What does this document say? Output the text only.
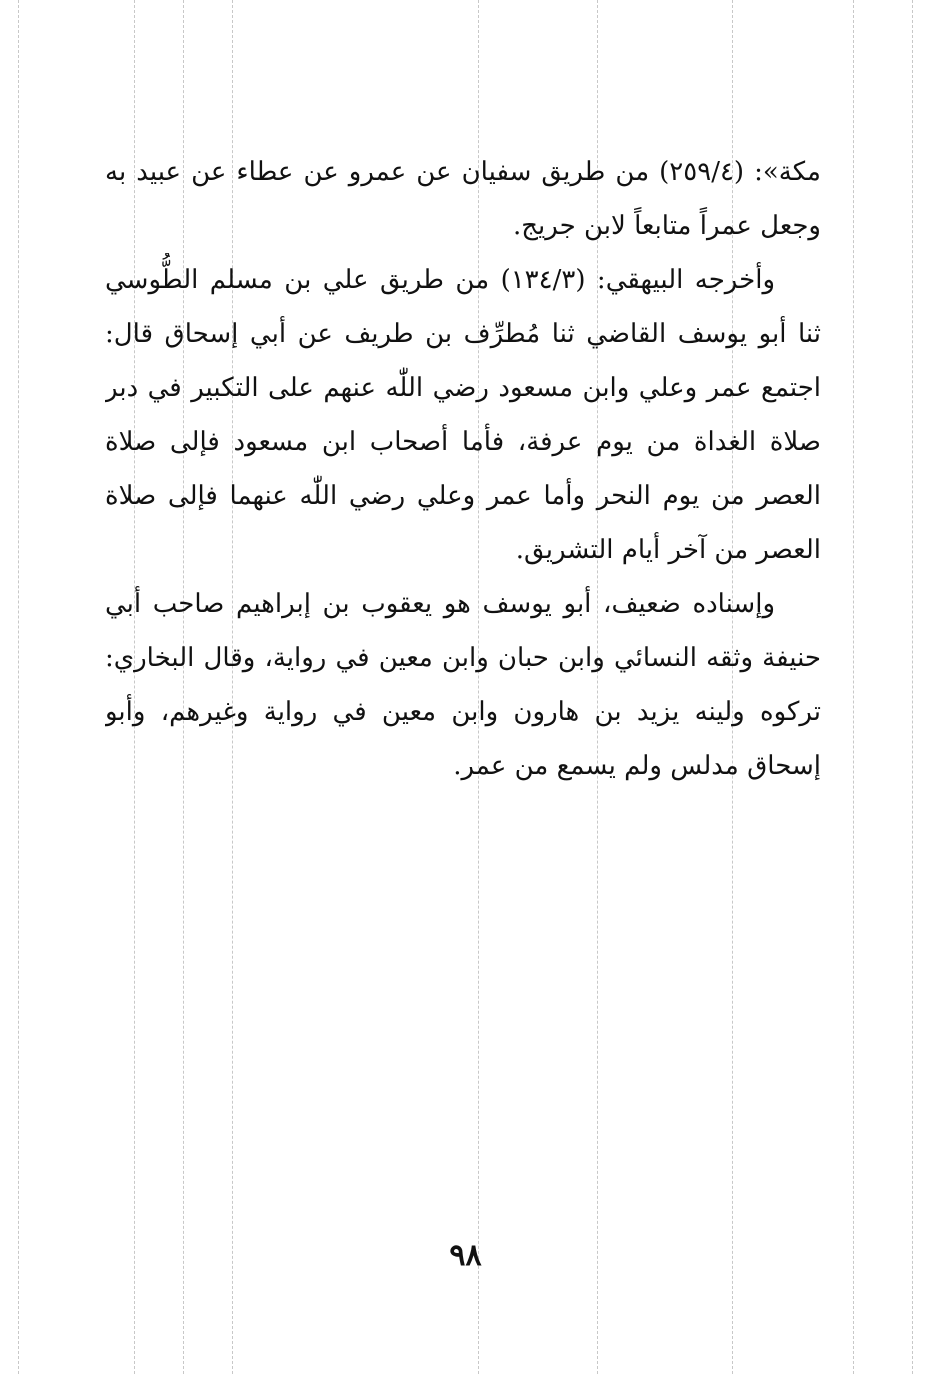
مكة»: (٢٥٩/٤) من طريق سفيان عن عمرو عن عطاء عن عبيد به
وجعل عمراً متابعاً لابن جريج.
وأخرجه البيهقي: (١٣٤/٣) من طريق علي بن مسلم الطُّوسي
ثنا أبو يوسف القاضي ثنا مُطرِّف بن طريف عن أبي إسحاق قال:
اجتمع عمر وعلي وابن مسعود رضي اللّٰه عنهم على التكبير في دبر
صلاة الغداة من يوم عرفة، فأما أصحاب ابن مسعود فإلى صلاة
العصر من يوم النحر وأما عمر وعلي رضي اللّٰه عنهما فإلى صلاة
العصر من آخر أيام التشريق.
وإسناده ضعيف، أبو يوسف هو يعقوب بن إبراهيم صاحب أبي
حنيفة وثقه النسائي وابن حبان وابن معين في رواية، وقال البخاري:
تركوه ولينه يزيد بن هارون وابن معين في رواية وغيرهم، وأبو
إسحاق مدلس ولم يسمع من عمر.
٩٨
